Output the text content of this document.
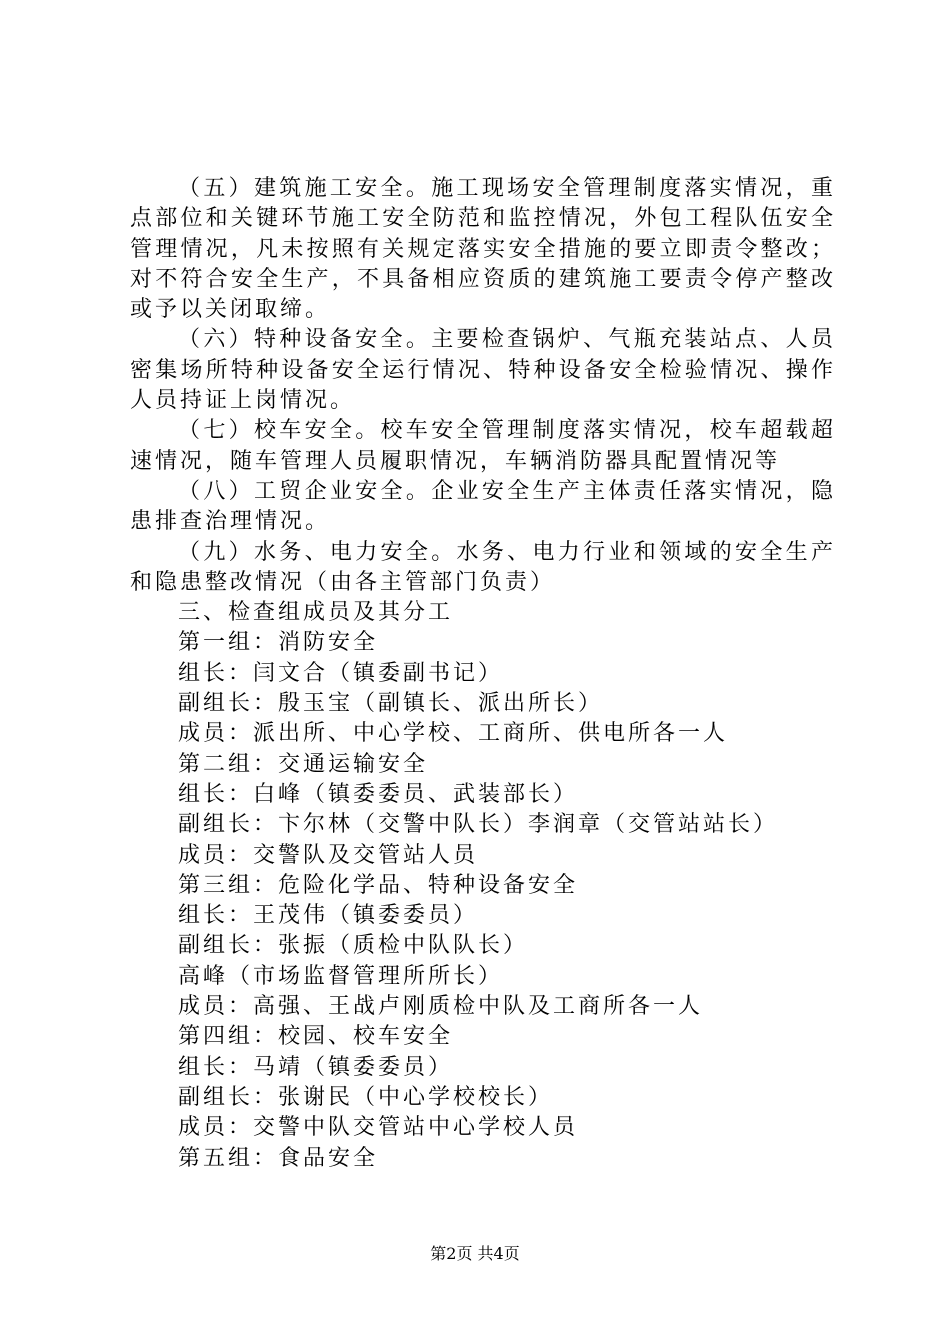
（五）建筑施工安全。施工现场安全管理制度落实情况，重点部位和关键环节施工安全防范和监控情况，外包工程队伍安全管理情况，凡未按照有关规定落实安全措施的要立即责令整改；对不符合安全生产，不具备相应资质的建筑施工要责令停产整改或予以关闭取缔。

（六）特种设备安全。主要检查锅炉、气瓶充装站点、人员密集场所特种设备安全运行情况、特种设备安全检验情况、操作人员持证上岗情况。

（七）校车安全。校车安全管理制度落实情况，校车超载超速情况，随车管理人员履职情况，车辆消防器具配置情况等

（八）工贸企业安全。企业安全生产主体责任落实情况，隐患排查治理情况。

（九）水务、电力安全。水务、电力行业和领域的安全生产和隐患整改情况（由各主管部门负责）

三、检查组成员及其分工

第一组：消防安全

组长：闫文合（镇委副书记）

副组长：殷玉宝（副镇长、派出所长）

成员：派出所、中心学校、工商所、供电所各一人

第二组：交通运输安全

组长：白峰（镇委委员、武装部长）

副组长：卞尔林（交警中队长）李润章（交管站站长）

成员：交警队及交管站人员

第三组：危险化学品、特种设备安全

组长：王茂伟（镇委委员）

副组长：张振（质检中队队长）

高峰（市场监督管理所所长）

成员：高强、王战卢刚质检中队及工商所各一人

第四组：校园、校车安全

组长：马靖（镇委委员）

副组长：张谢民（中心学校校长）

成员：交警中队交管站中心学校人员

第五组：食品安全

第2页 共4页
